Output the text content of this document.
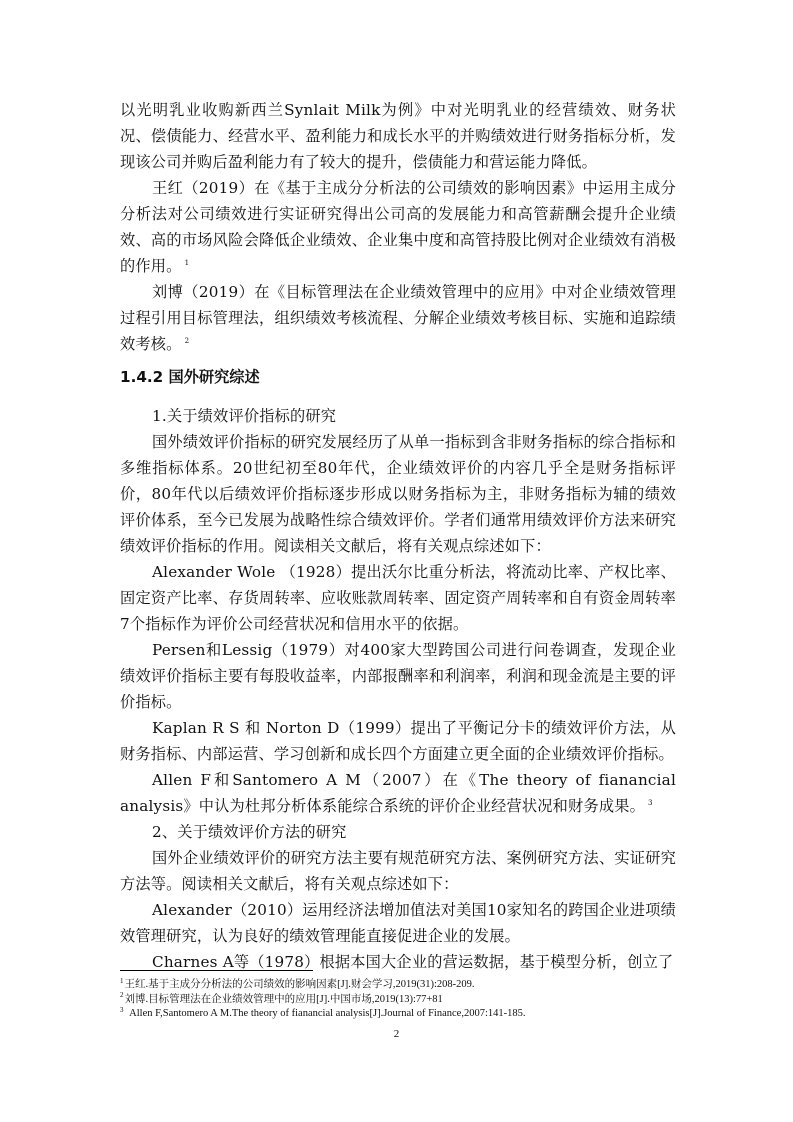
以光明乳业收购新西兰Synlait Milk为例》中对光明乳业的经营绩效、财务状况、偿债能力、经营水平、盈利能力和成长水平的并购绩效进行财务指标分析，发现该公司并购后盈利能力有了较大的提升，偿债能力和营运能力降低。

王红（2019）在《基于主成分分析法的公司绩效的影响因素》中运用主成分分析法对公司绩效进行实证研究得出公司高的发展能力和高管薪酬会提升企业绩效、高的市场风险会降低企业绩效、企业集中度和高管持股比例对企业绩效有消极的作用。 $^1$

刘博（2019）在《目标管理法在企业绩效管理中的应用》中对企业绩效管理过程引用目标管理法，组织绩效考核流程、分解企业绩效考核目标、实施和追踪绩效考核。 $^2$

1.4.2 国外研究综述

1.关于绩效评价指标的研究

国外绩效评价指标的研究发展经历了从单一指标到含非财务指标的综合指标和多维指标体系。20世纪初至80年代，企业绩效评价的内容几乎全是财务指标评价，80年代以后绩效评价指标逐步形成以财务指标为主，非财务指标为辅的绩效评价体系，至今已发展为战略性综合绩效评价。学者们通常用绩效评价方法来研究绩效评价指标的作用。阅读相关文献后，将有关观点综述如下：

Alexander Wole （1928）提出沃尔比重分析法，将流动比率、产权比率、固定资产比率、存货周转率、应收账款周转率、固定资产周转率和自有资金周转率7个指标作为评价公司经营状况和信用水平的依据。

Persen和Lessig（1979）对400家大型跨国公司进行问卷调查，发现企业绩效评价指标主要有每股收益率，内部报酬率和利润率，利润和现金流是主要的评价指标。

Kaplan R S 和 Norton D（1999）提出了平衡记分卡的绩效评价方法，从财务指标、内部运营、学习创新和成长四个方面建立更全面的企业绩效评价指标。

Allen F和Santomero A M（2007）在《The theory of fianancial analysis》中认为杜邦分析体系能综合系统的评价企业经营状况和财务成果。 $^3$

2、关于绩效评价方法的研究

国外企业绩效评价的研究方法主要有规范研究方法、案例研究方法、实证研究方法等。阅读相关文献后，将有关观点综述如下：

Alexander（2010）运用经济法增加值法对美国10家知名的跨国企业进项绩效管理研究，认为良好的绩效管理能直接促进企业的发展。

Charnes A等（1978）根据本国大企业的营运数据，基于模型分析，创立了

$^1$王红.基于主成分分析法的公司绩效的影响因素[J].财会学习,2019(31):208-209.
$^2$刘博.目标管理法在企业绩效管理中的应用[J].中国市场,2019(13):77+81
$^3$  Allen F,Santomero A M.The theory of fianancial analysis[J].Journal of Finance,2007:141-185.
2
